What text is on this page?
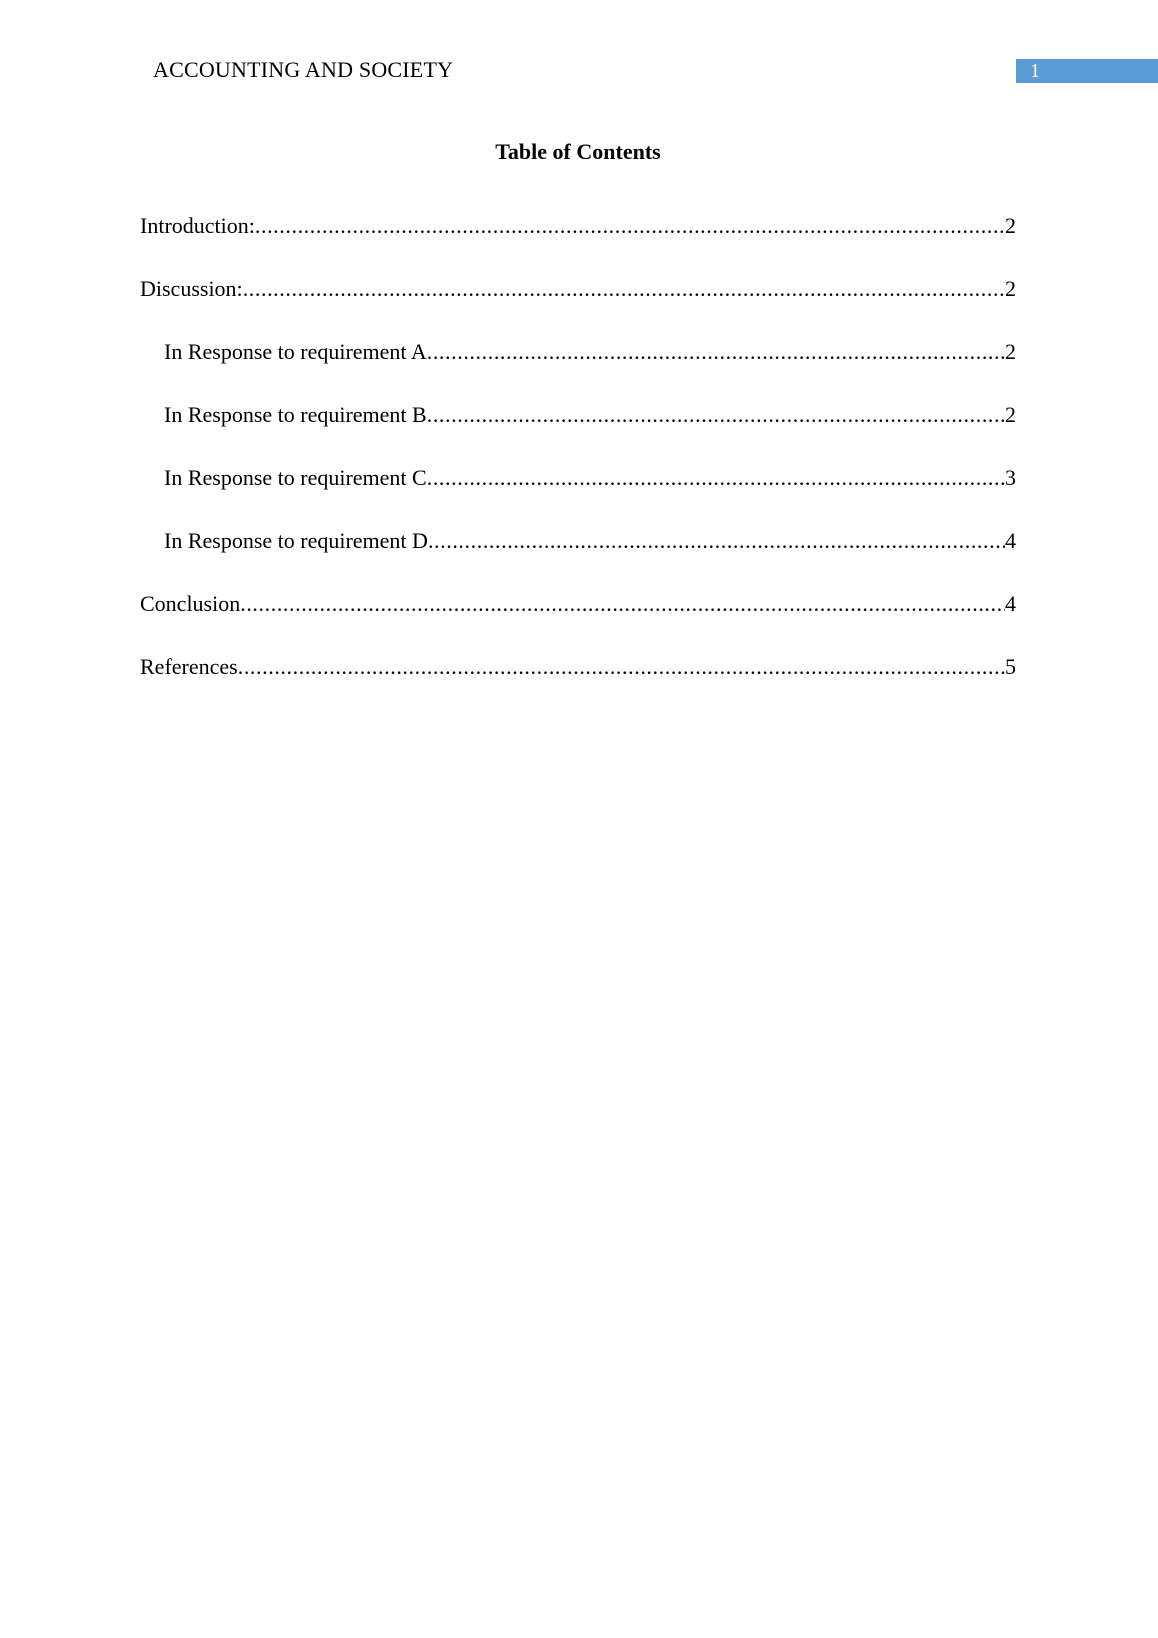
ACCOUNTING AND SOCIETY	1
Table of Contents
Introduction: .....	2
Discussion: .....	2
In Response to requirement A .....	2
In Response to requirement B .....	2
In Response to requirement C .....	3
In Response to requirement D .....	4
Conclusion .....	4
References .....	5
